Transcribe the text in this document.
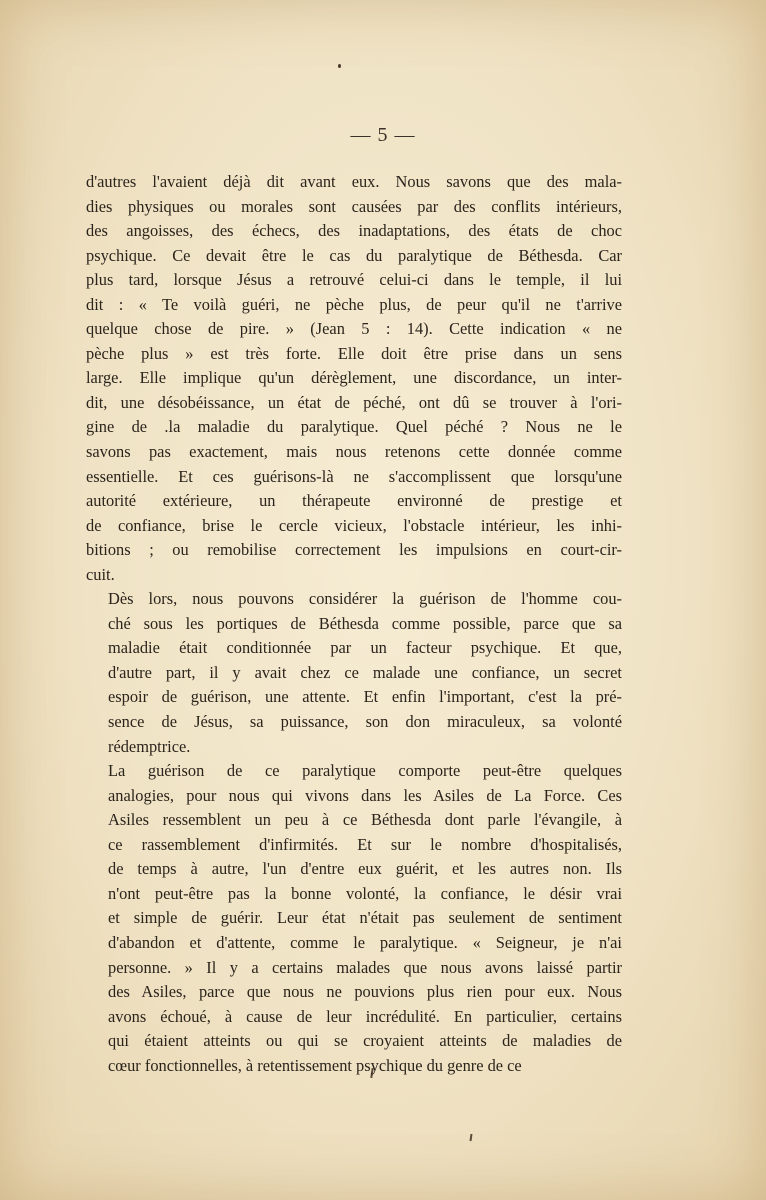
— 5 —

d'autres l'avaient déjà dit avant eux. Nous savons que des mala-
dies physiques ou morales sont causées par des conflits intérieurs,
des angoisses, des échecs, des inadaptations, des états de choc
psychique. Ce devait être le cas du paralytique de Béthesda. Car
plus tard, lorsque Jésus a retrouvé celui-ci dans le temple, il lui
dit : « Te voilà guéri, ne pèche plus, de peur qu'il ne t'arrive
quelque chose de pire. » (Jean 5 : 14). Cette indication « ne
pèche plus » est très forte. Elle doit être prise dans un sens
large. Elle implique qu'un dérèglement, une discordance, un inter-
dit, une désobéissance, un état de péché, ont dû se trouver à l'ori-
gine de .la maladie du paralytique. Quel péché ? Nous ne le
savons pas exactement, mais nous retenons cette donnée comme
essentielle. Et ces guérisons-là ne s'accomplissent que lorsqu'une
autorité extérieure, un thérapeute environné de prestige et
de confiance, brise le cercle vicieux, l'obstacle intérieur, les inhi-
bitions ; ou remobilise correctement les impulsions en court-cir-
cuit.

Dès lors, nous pouvons considérer la guérison de l'homme cou-
ché sous les portiques de Béthesda comme possible, parce que sa
maladie était conditionnée par un facteur psychique. Et que,
d'autre part, il y avait chez ce malade une confiance, un secret
espoir de guérison, une attente. Et enfin l'important, c'est la pré-
sence de Jésus, sa puissance, son don miraculeux, sa volonté
rédemptrice.

La guérison de ce paralytique comporte peut-être quelques
analogies, pour nous qui vivons dans les Asiles de La Force. Ces
Asiles ressemblent un peu à ce Béthesda dont parle l'évangile, à
ce rassemblement d'infirmités. Et sur le nombre d'hospitalisés,
de temps à autre, l'un d'entre eux guérit, et les autres non. Ils
n'ont peut-être pas la bonne volonté, la confiance, le désir vrai
et simple de guérir. Leur état n'était pas seulement de sentiment
d'abandon et d'attente, comme le paralytique. « Seigneur, je n'ai
personne. » Il y a certains malades que nous avons laissé partir
des Asiles, parce que nous ne pouvions plus rien pour eux. Nous
avons échoué, à cause de leur incrédulité. En particulier, certains
qui étaient atteints ou qui se croyaient atteints de maladies de
cœur fonctionnelles, à retentissement psychique du genre de ce
